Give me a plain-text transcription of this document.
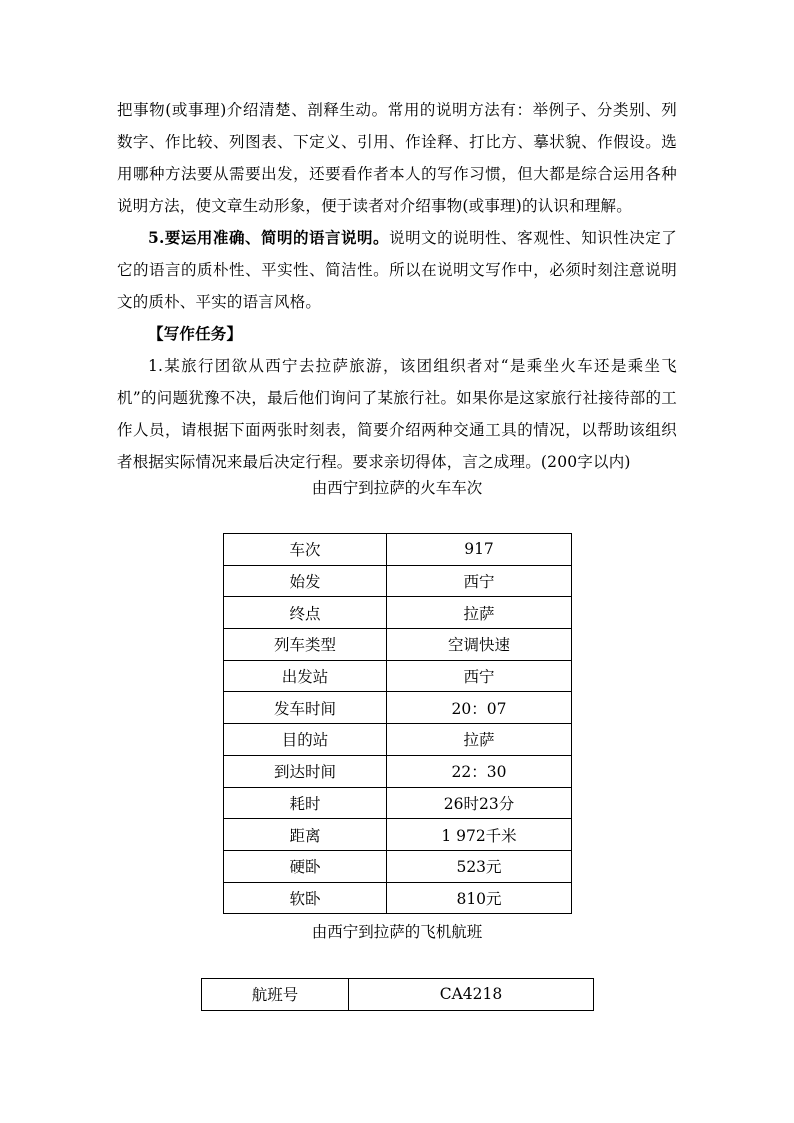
把事物(或事理)介绍清楚、剖释生动。常用的说明方法有：举例子、分类别、列数字、作比较、列图表、下定义、引用、作诠释、打比方、摹状貌、作假设。选用哪种方法要从需要出发，还要看作者本人的写作习惯，但大都是综合运用各种说明方法，使文章生动形象，便于读者对介绍事物(或事理)的认识和理解。

5.要运用准确、简明的语言说明。说明文的说明性、客观性、知识性决定了它的语言的质朴性、平实性、简洁性。所以在说明文写作中，必须时刻注意说明文的质朴、平实的语言风格。

【写作任务】

1.某旅行团欲从西宁去拉萨旅游，该团组织者对“是乘坐火车还是乘坐飞机”的问题犹豫不决，最后他们询问了某旅行社。如果你是这家旅行社接待部的工作人员，请根据下面两张时刻表，简要介绍两种交通工具的情况，以帮助该组织者根据实际情况来最后决定行程。要求亲切得体，言之成理。(200字以内)

由西宁到拉萨的火车车次
车次	917
始发	西宁
终点	拉萨
列车类型	空调快速
出发站	西宁
发车时间	20：07
目的站	拉萨
到达时间	22：30
耗时	26时23分
距离	1 972千米
硬卧	523元
软卧	810元
由西宁到拉萨的飞机航班
航班号	CA4218
